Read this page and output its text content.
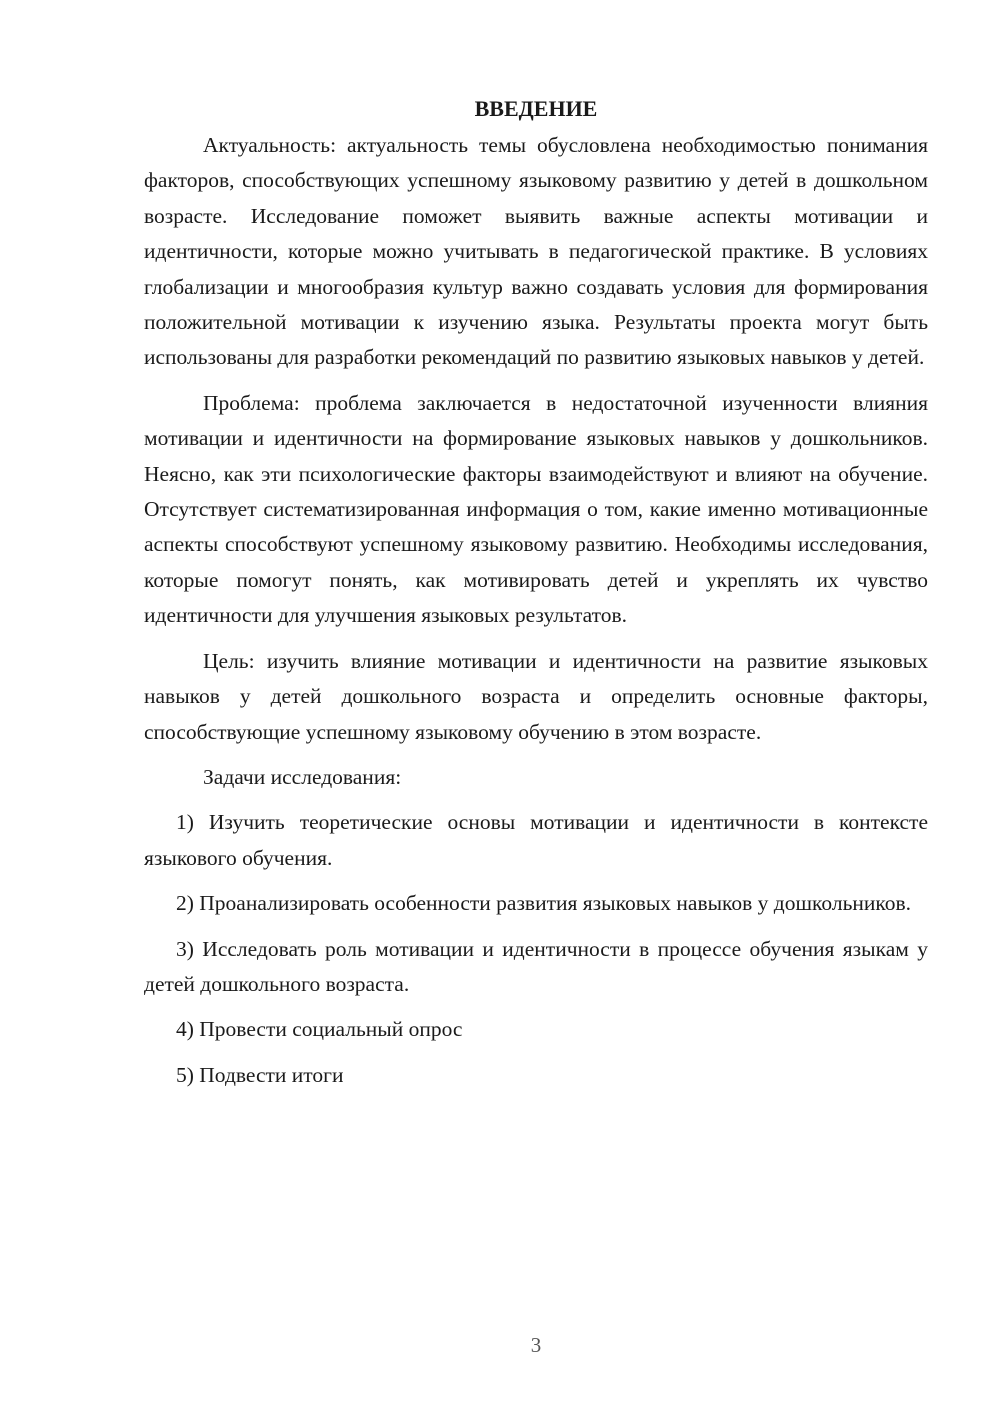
ВВЕДЕНИЕ

Актуальность: актуальность темы обусловлена необходимостью понимания факторов, способствующих успешному языковому развитию у детей в дошкольном возрасте. Исследование поможет выявить важные аспекты мотивации и идентичности, которые можно учитывать в педагогической практике. В условиях глобализации и многообразия культур важно создавать условия для формирования положительной мотивации к изучению языка. Результаты проекта могут быть использованы для разработки рекомендаций по развитию языковых навыков у детей.

Проблема: проблема заключается в недостаточной изученности влияния мотивации и идентичности на формирование языковых навыков у дошкольников. Неясно, как эти психологические факторы взаимодействуют и влияют на обучение. Отсутствует систематизированная информация о том, какие именно мотивационные аспекты способствуют успешному языковому развитию. Необходимы исследования, которые помогут понять, как мотивировать детей и укреплять их чувство идентичности для улучшения языковых результатов.

Цель: изучить влияние мотивации и идентичности на развитие языковых навыков у детей дошкольного возраста и определить основные факторы, способствующие успешному языковому обучению в этом возрасте.

Задачи исследования:

1) Изучить теоретические основы мотивации и идентичности в контексте языкового обучения.

2) Проанализировать особенности развития языковых навыков у дошкольников.

3) Исследовать роль мотивации и идентичности в процессе обучения языкам у детей дошкольного возраста.

4) Провести социальный опрос

5) Подвести итоги

3
